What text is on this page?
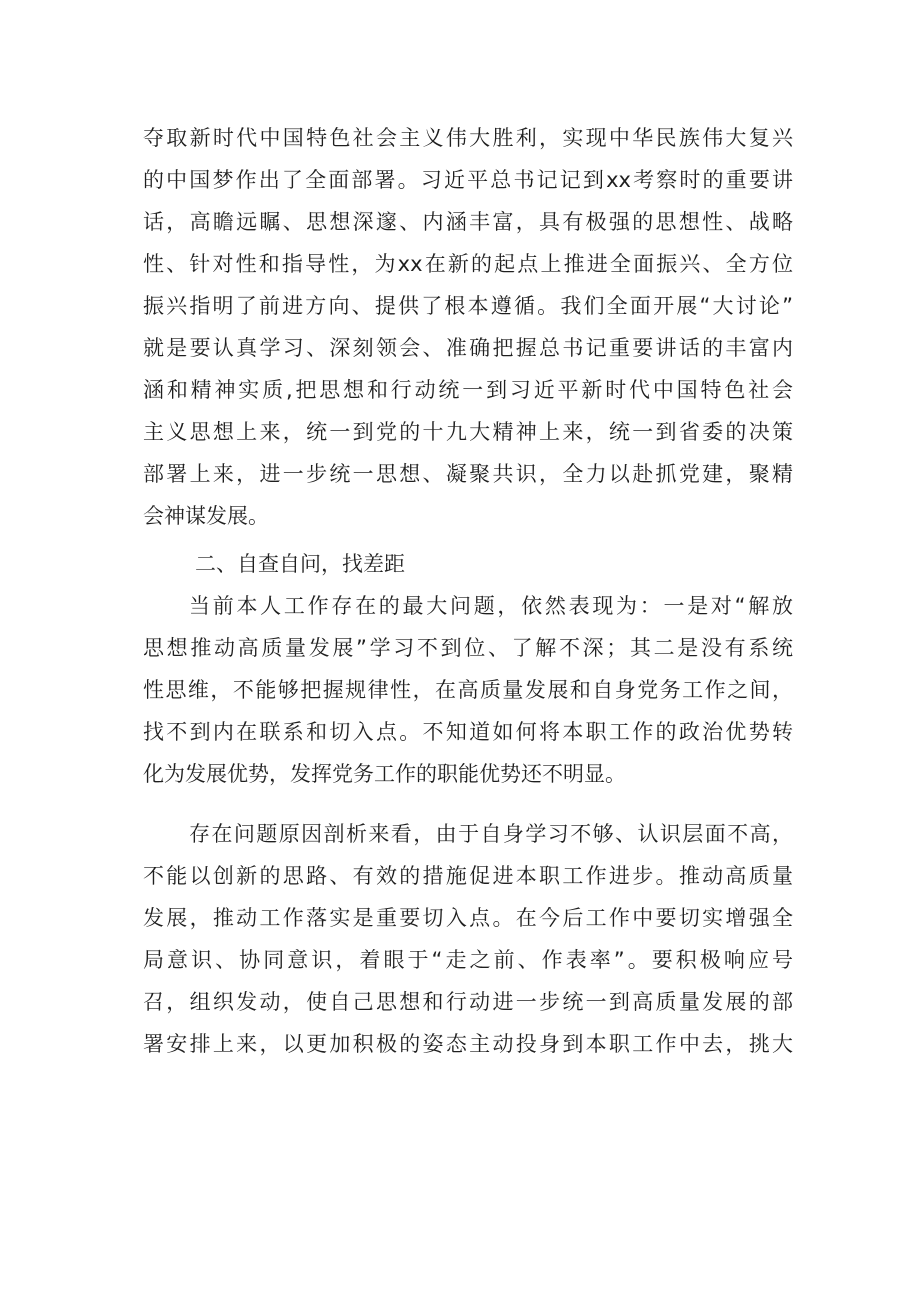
夺取新时代中国特色社会主义伟大胜利，实现中华民族伟大复兴
的中国梦作出了全面部署。习近平总书记记到xx考察时的重要讲
话，高瞻远瞩、思想深邃、内涵丰富，具有极强的思想性、战略
性、针对性和指导性，为xx在新的起点上推进全面振兴、全方位
振兴指明了前进方向、提供了根本遵循。我们全面开展“大讨论”
就是要认真学习、深刻领会、准确把握总书记重要讲话的丰富内
涵和精神实质,把思想和行动统一到习近平新时代中国特色社会
主义思想上来，统一到党的十九大精神上来，统一到省委的决策
部署上来，进一步统一思想、凝聚共识，全力以赴抓党建，聚精
会神谋发展。
二、自查自问，找差距
当前本人工作存在的最大问题，依然表现为：一是对“解放
思想推动高质量发展”学习不到位、了解不深；其二是没有系统
性思维，不能够把握规律性，在高质量发展和自身党务工作之间，
找不到内在联系和切入点。不知道如何将本职工作的政治优势转
化为发展优势，发挥党务工作的职能优势还不明显。
存在问题原因剖析来看，由于自身学习不够、认识层面不高，
不能以创新的思路、有效的措施促进本职工作进步。推动高质量
发展，推动工作落实是重要切入点。在今后工作中要切实增强全
局意识、协同意识，着眼于“走之前、作表率”。要积极响应号
召，组织发动，使自己思想和行动进一步统一到高质量发展的部
署安排上来，以更加积极的姿态主动投身到本职工作中去，挑大
